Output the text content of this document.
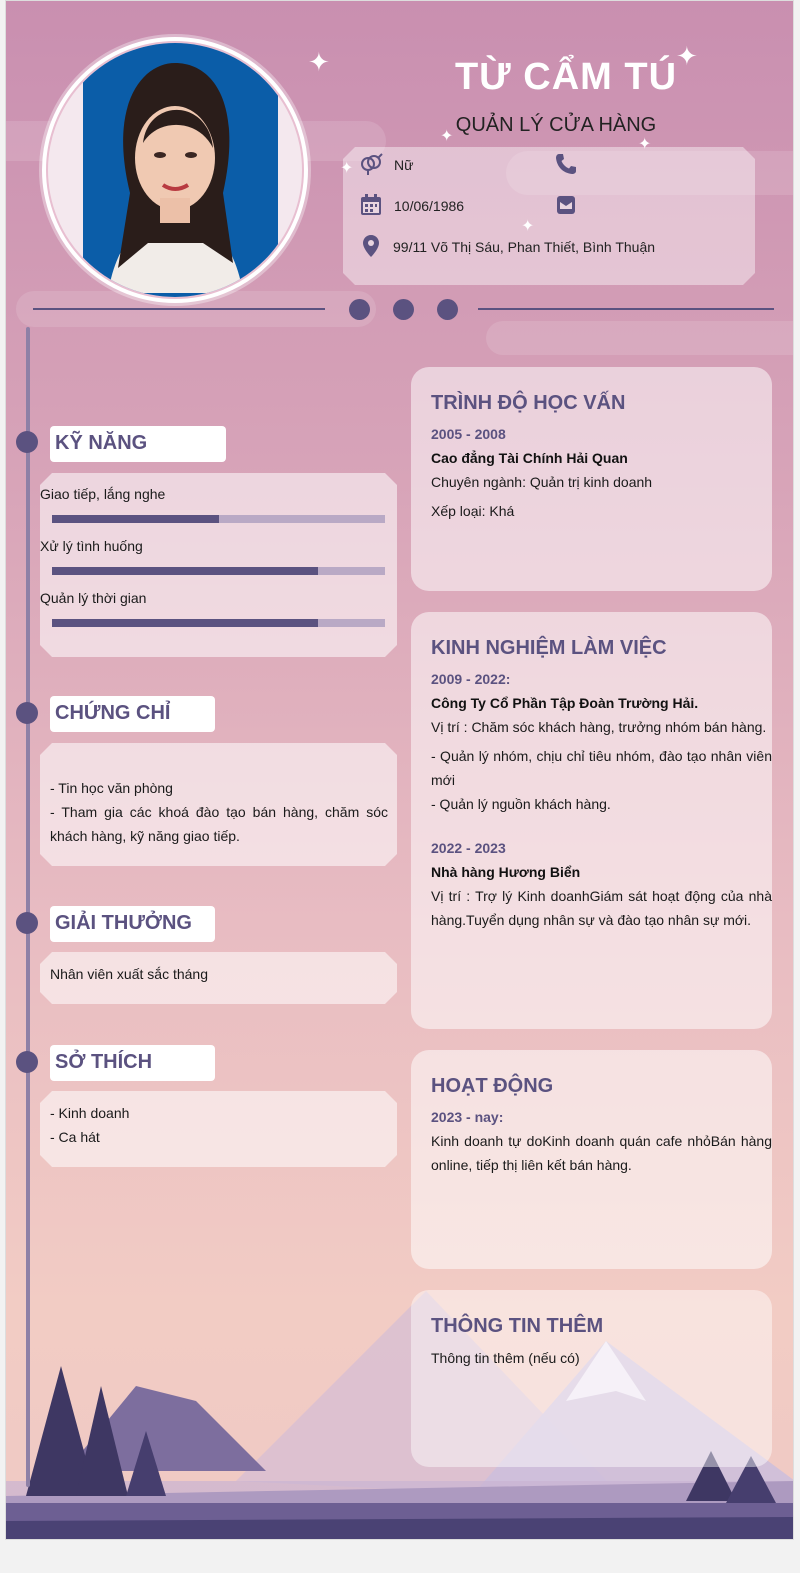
✦	✦
✦	✦
✦
✦
TỪ CẨM TÚ
QUẢN LÝ CỬA HÀNG
Nữ
10/06/1986
99/11 Võ Thị Sáu, Phan Thiết, Bình Thuận
KỸ NĂNG
Giao tiếp, lắng nghe
Xử lý tình huống
Quản lý thời gian
CHỨNG CHỈ
- Tin học văn phòng
- Tham gia các khoá đào tạo bán hàng, chăm sóc khách hàng, kỹ năng giao tiếp.
GIẢI THƯỞNG
Nhân viên xuất sắc tháng
SỞ THÍCH
- Kinh doanh
- Ca hát
TRÌNH ĐỘ HỌC VẤN
2005 - 2008
Cao đẳng Tài Chính Hải Quan
Chuyên ngành: Quản trị kinh doanh
Xếp loại: Khá
KINH NGHIỆM LÀM VIỆC
2009 - 2022:
Công Ty Cổ Phần Tập Đoàn Trường Hải.
Vị trí : Chăm sóc khách hàng, trưởng nhóm bán hàng.
- Quản lý nhóm, chịu chỉ tiêu nhóm, đào tạo nhân viên mới
- Quản lý nguồn khách hàng.
2022 - 2023
Nhà hàng Hương Biển
Vị trí : Trợ lý Kinh doanhGiám sát hoạt động của nhà hàng.Tuyển dụng nhân sự và đào tạo nhân sự mới.
HOẠT ĐỘNG
2023 - nay:
Kinh doanh tự doKinh doanh quán cafe nhỏBán hàng online, tiếp thị liên kết bán hàng.
THÔNG TIN THÊM
Thông tin thêm (nếu có)
